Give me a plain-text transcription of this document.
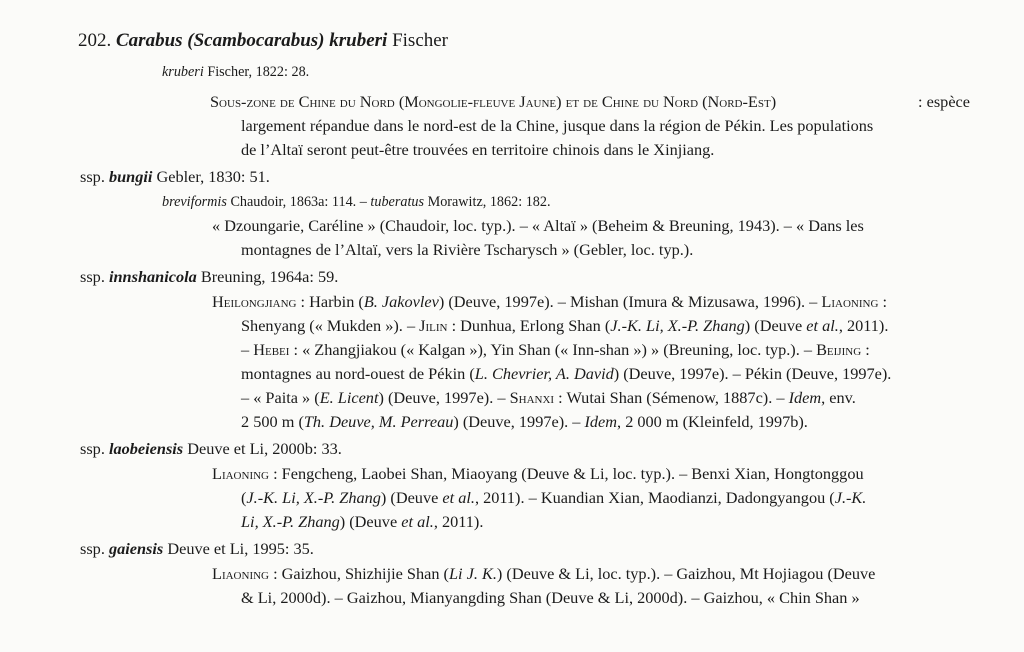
202. Carabus (Scambocarabus) kruberi Fischer
kruberi Fischer, 1822: 28.
Sous-zone de Chine du Nord (Mongolie-fleuve Jaune) et de Chine du Nord (Nord-Est)	: espèce
largement répandue dans le nord-est de la Chine, jusque dans la région de Pékin. Les populations
de l’Altaï seront peut-être trouvées en territoire chinois dans le Xinjiang.
ssp. bungii Gebler, 1830: 51.
breviformis Chaudoir, 1863a: 114. – tuberatus Morawitz, 1862: 182.
« Dzoungarie, Caréline » (Chaudoir, loc. typ.). – « Altaï » (Beheim & Breuning, 1943). – « Dans les
montagnes de l’Altaï, vers la Rivière Tscharysch » (Gebler, loc. typ.).
ssp. innshanicola Breuning, 1964a: 59.
Heilongjiang : Harbin (B. Jakovlev) (Deuve, 1997e). – Mishan (Imura & Mizusawa, 1996). – Liaoning :
Shenyang (« Mukden »). – Jilin : Dunhua, Erlong Shan (J.-K. Li, X.-P. Zhang) (Deuve et al., 2011).
– Hebei : « Zhangjiakou (« Kalgan »), Yin Shan (« Inn-shan ») » (Breuning, loc. typ.). – Beijing :
montagnes au nord-ouest de Pékin (L. Chevrier, A. David) (Deuve, 1997e). – Pékin (Deuve, 1997e).
– « Paita » (E. Licent) (Deuve, 1997e). – Shanxi : Wutai Shan (Sémenow, 1887c). – Idem, env.
2 500 m (Th. Deuve, M. Perreau) (Deuve, 1997e). – Idem, 2 000 m (Kleinfeld, 1997b).
ssp. laobeiensis Deuve et Li, 2000b: 33.
Liaoning : Fengcheng, Laobei Shan, Miaoyang (Deuve & Li, loc. typ.). – Benxi Xian, Hongtonggou
(J.-K. Li, X.-P. Zhang) (Deuve et al., 2011). – Kuandian Xian, Maodianzi, Dadongyangou (J.-K.
Li, X.-P. Zhang) (Deuve et al., 2011).
ssp. gaiensis Deuve et Li, 1995: 35.
Liaoning : Gaizhou, Shizhijie Shan (Li J. K.) (Deuve & Li, loc. typ.). – Gaizhou, Mt Hojiagou (Deuve
& Li, 2000d). – Gaizhou, Mianyangding Shan (Deuve & Li, 2000d). – Gaizhou, « Chin Shan »
